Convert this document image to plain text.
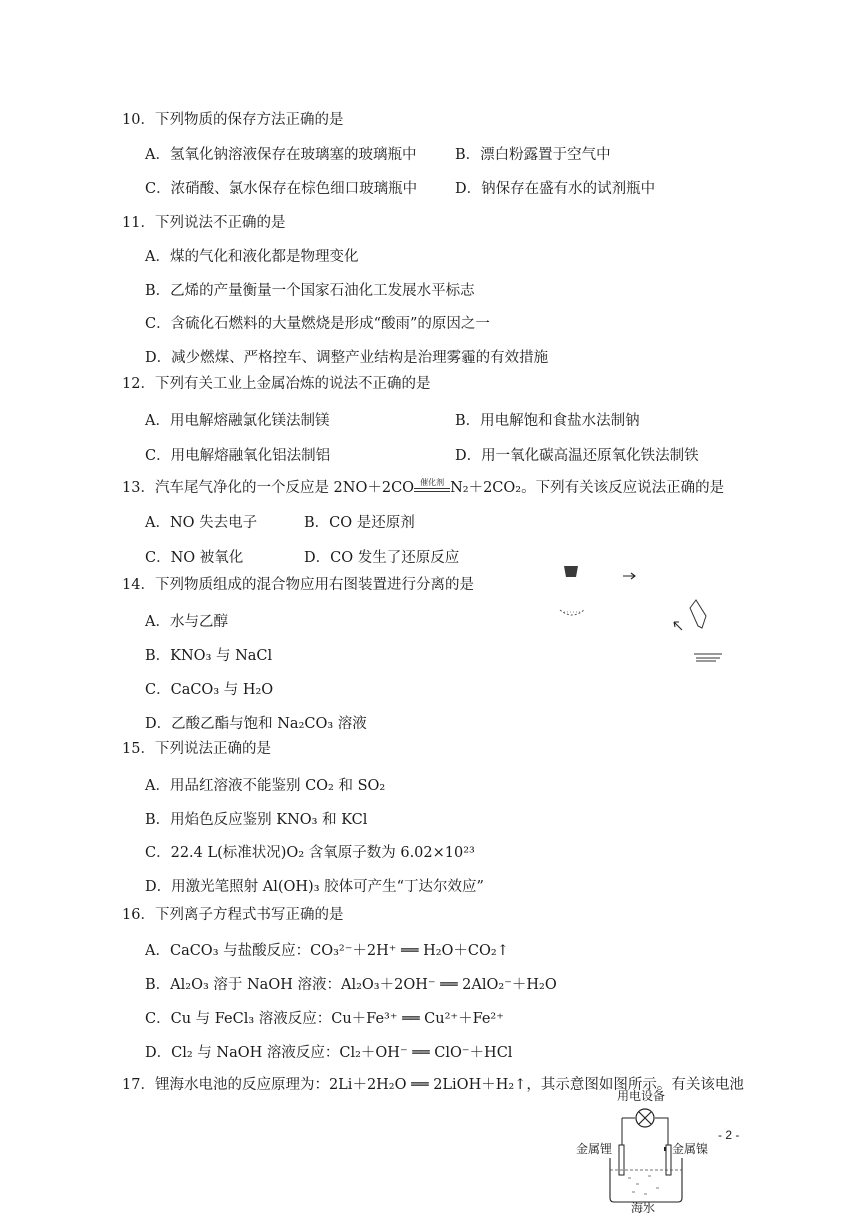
10．下列物质的保存方法正确的是
A．氢氧化钠溶液保存在玻璃塞的玻璃瓶中	B．漂白粉露置于空气中
C．浓硝酸、氯水保存在棕色细口玻璃瓶中	D．钠保存在盛有水的试剂瓶中
11．下列说法不正确的是
A．煤的气化和液化都是物理变化
B．乙烯的产量衡量一个国家石油化工发展水平标志
C．含硫化石燃料的大量燃烧是形成“酸雨”的原因之一
D．减少燃煤、严格控车、调整产业结构是治理雾霾的有效措施
12．下列有关工业上金属冶炼的说法不正确的是
A．用电解熔融氯化镁法制镁	B．用电解饱和食盐水法制钠
C．用电解熔融氧化铝法制铝	D．用一氧化碳高温还原氧化铁法制铁
13．汽车尾气净化的一个反应是 2NO＋2CO 催化剂 N₂＋2CO₂。下列有关该反应说法正确的是
A．NO 失去电子	B．CO 是还原剂
C．NO 被氧化	D．CO 发生了还原反应
14．下列物质组成的混合物应用右图装置进行分离的是
A．水与乙醇
B．KNO₃ 与 NaCl
C．CaCO₃ 与 H₂O
D．乙酸乙酯与饱和 Na₂CO₃ 溶液
15．下列说法正确的是
A．用品红溶液不能鉴别 CO₂ 和 SO₂
B．用焰色反应鉴别 KNO₃ 和 KCl
C．22.4 L(标准状况)O₂ 含氧原子数为 6.02×10²³
D．用激光笔照射 Al(OH)₃ 胶体可产生“丁达尔效应”
16．下列离子方程式书写正确的是
A．CaCO₃ 与盐酸反应：CO₃²⁻＋2H⁺ ══ H₂O＋CO₂↑
B．Al₂O₃ 溶于 NaOH 溶液：Al₂O₃＋2OH⁻ ══ 2AlO₂⁻＋H₂O
C．Cu 与 FeCl₃ 溶液反应：Cu＋Fe³⁺ ══ Cu²⁺＋Fe²⁺
D．Cl₂ 与 NaOH 溶液反应：Cl₂＋OH⁻ ══ ClO⁻＋HCl
17．锂海水电池的反应原理为：2Li＋2H₂O ══ 2LiOH＋H₂↑，其示意图如图所示。有关该电池
- 2 -
用电设备
金属锂	金属镍
海水
